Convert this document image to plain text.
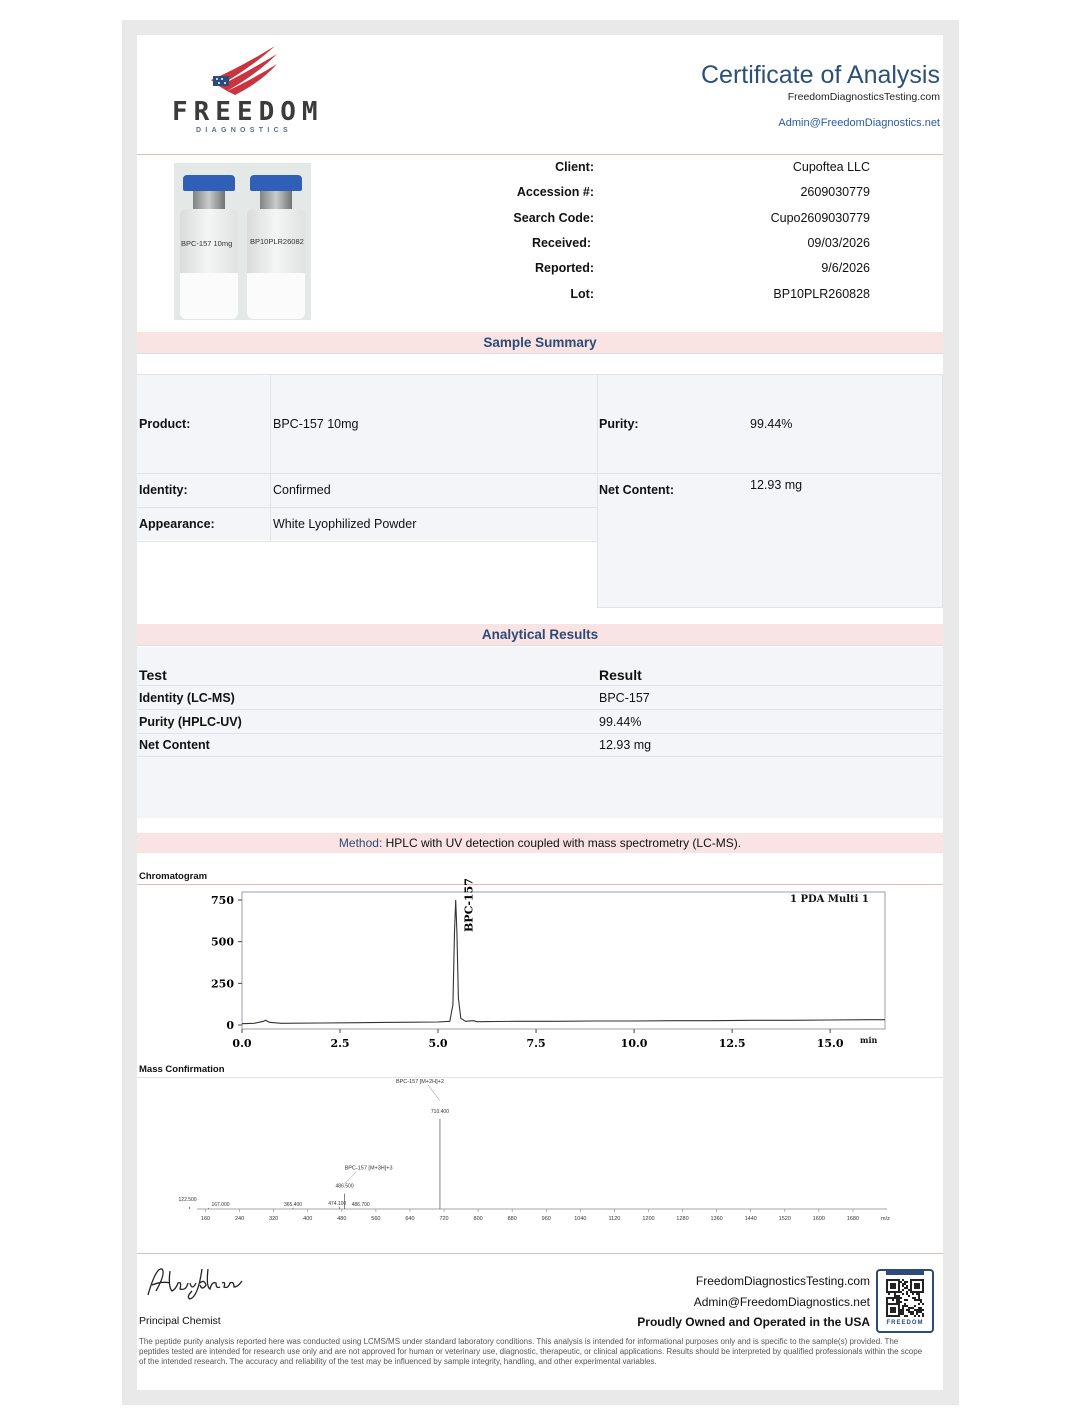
FREEDOM
DIAGNOSTICS
Certificate of Analysis
FreedomDiagnosticsTesting.com
Admin@FreedomDiagnostics.net
BPC-157 10mg BP10PLR26082
Client:	Cupoftea LLC
Accession #:	2609030779
Search Code:	Cupo2609030779
Received:	09/03/2026
Reported:	9/6/2026
Lot:	BP10PLR260828
Sample Summary
Product:	BPC-157 10mg	Purity:	99.44%
Identity:	Confirmed	Net Content:	12.93 mg
Appearance:	White Lyophilized Powder
Analytical Results
Test	Result
Identity (LC-MS)	BPC-157
Purity (HPLC-UV)	99.44%
Net Content	12.93 mg
Method: HPLC with UV detection coupled with mass spectrometry (LC-MS).
Chromatogram
750
500
250
0
0.0	2.5	5.0	7.5	10.0	12.5	15.0
BPC-157	1 PDA Multi 1
min
Mass Confirmation
160	240	320	400	480	560	640	720	800	880	960	1040	1120	1200	1280	1360	1440	1520	1600	1680	m/z
122.500
167.000	365.400	474.100
486.500
486.700
710.400
BPC-157 [M+2H]+2
BPC-157 [M+3H]+3
Principal Chemist
FreedomDiagnosticsTesting.com
Admin@FreedomDiagnostics.net
Proudly Owned and Operated in the USA	FREEDOM
The peptide purity analysis reported here was conducted using LCMS/MS under standard laboratory conditions. This analysis is intended for informational purposes only and is specific to the sample(s) provided. The peptides tested are intended for research use only and are not approved for human or veterinary use, diagnostic, therapeutic, or clinical applications. Results should be interpreted by qualified professionals within the scope of the intended research. The accuracy and reliability of the test may be influenced by sample integrity, handling, and other experimental variables.
